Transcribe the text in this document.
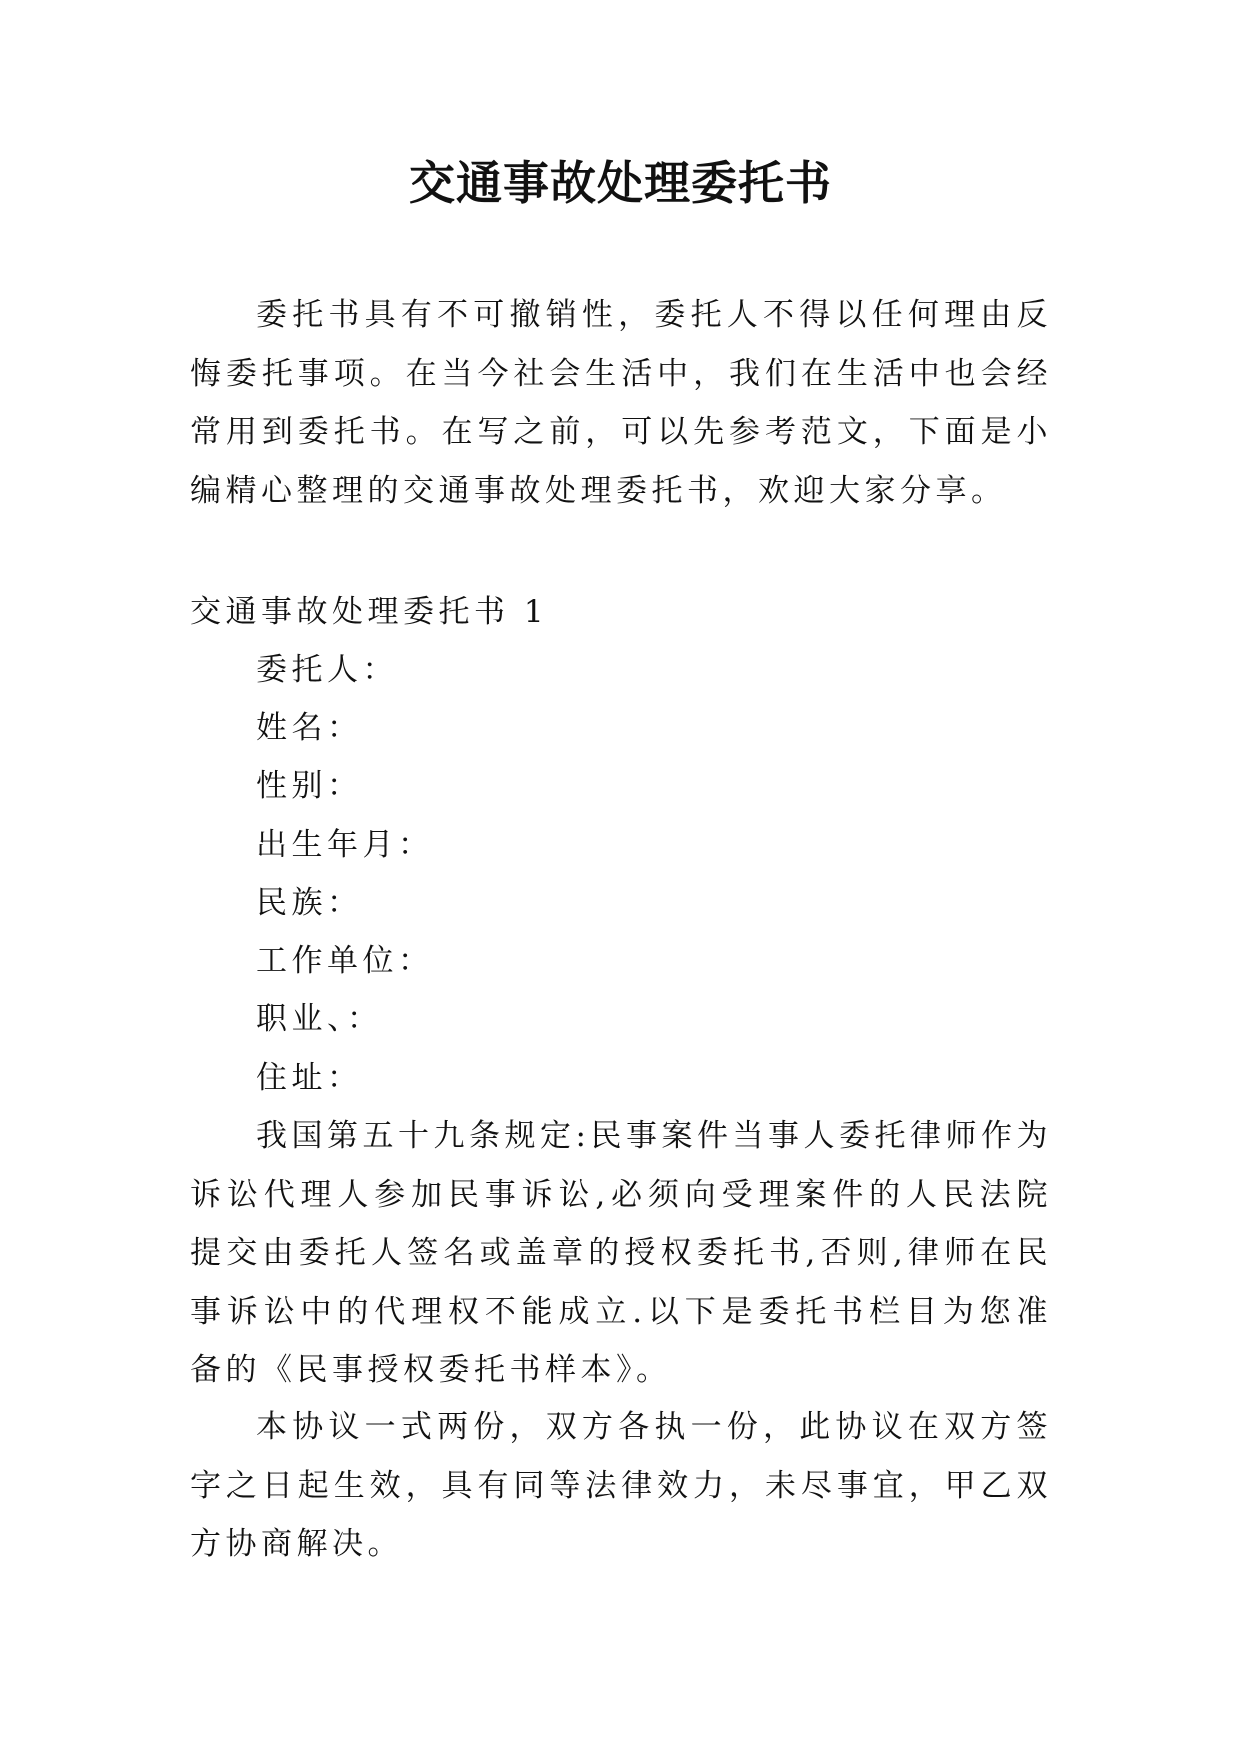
交通事故处理委托书

委托书具有不可撤销性，委托人不得以任何理由反悔委托事项。在当今社会生活中，我们在生活中也会经常用到委托书。在写之前，可以先参考范文，下面是小编精心整理的交通事故处理委托书，欢迎大家分享。

交通事故处理委托书 1
委托人：
姓名：
性别：
出生年月：
民族：
工作单位：
职业、：
住址：

我国第五十九条规定:民事案件当事人委托律师作为诉讼代理人参加民事诉讼,必须向受理案件的人民法院提交由委托人签名或盖章的授权委托书,否则,律师在民事诉讼中的代理权不能成立.以下是委托书栏目为您准备的《民事授权委托书样本》。

本协议一式两份，双方各执一份，此协议在双方签字之日起生效，具有同等法律效力，未尽事宜，甲乙双方协商解决。
